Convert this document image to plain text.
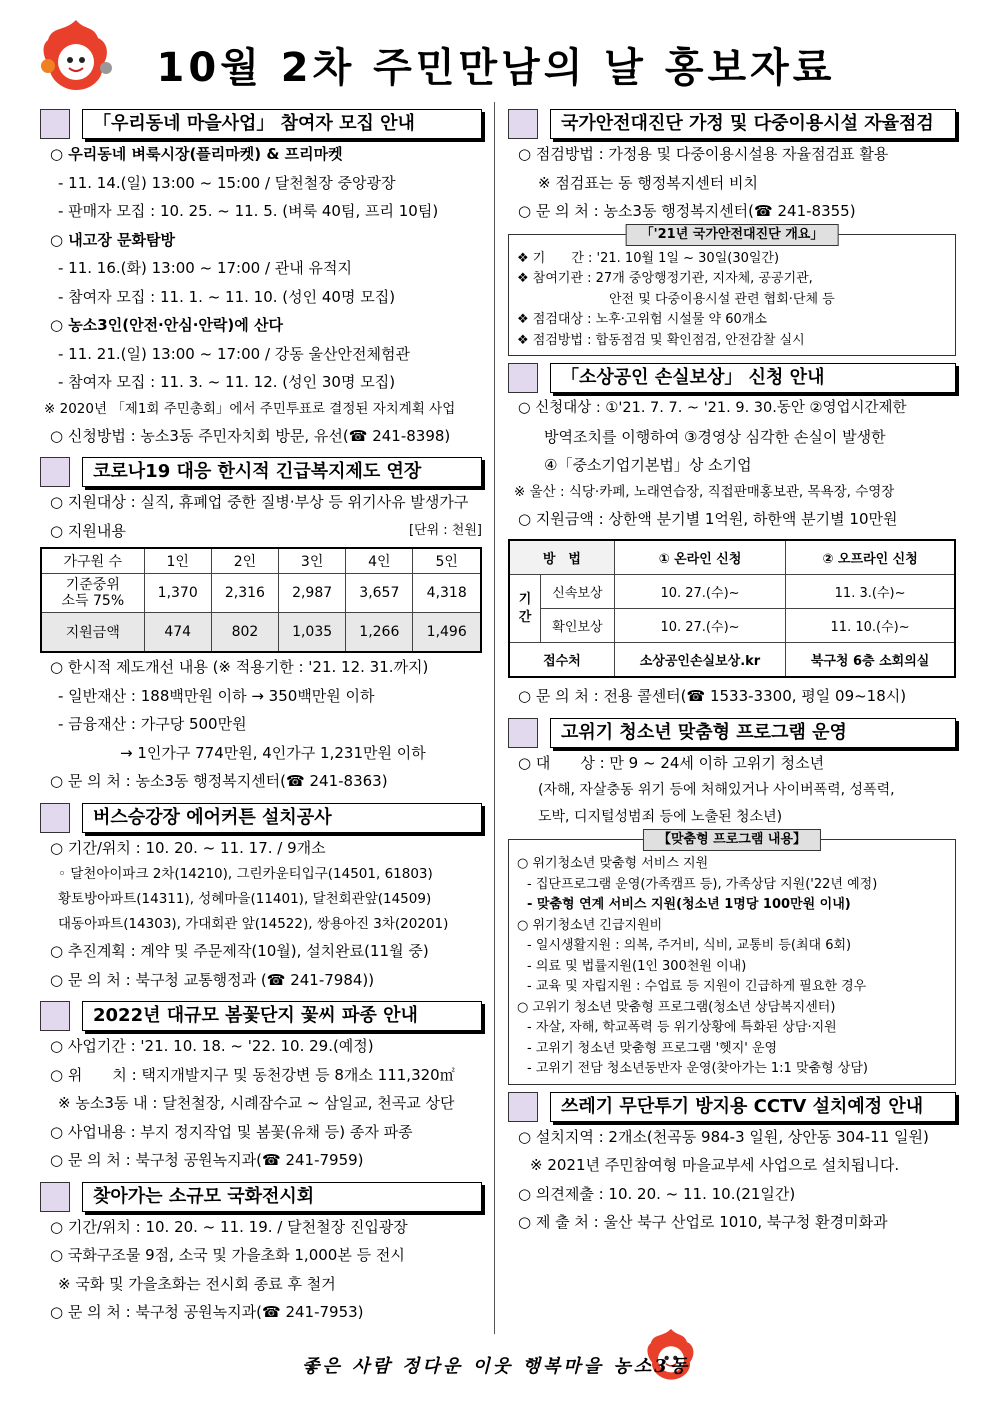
10월 2차 주민만남의 날 홍보자료
「우리동네 마을사업」 참여자 모집 안내
○ 우리동네 벼룩시장(플리마켓) & 프리마켓
- 11. 14.(일) 13:00 ~ 15:00 / 달천철장 중앙광장
- 판매자 모집 : 10. 25. ~ 11. 5. (벼룩 40팀, 프리 10팀)
○ 내고장 문화탐방
- 11. 16.(화) 13:00 ~ 17:00 / 관내 유적지
- 참여자 모집 : 11. 1. ~ 11. 10. (성인 40명 모집)
○ 농소3인(안전·안심·안락)에 산다
- 11. 21.(일) 13:00 ~ 17:00 / 강동 울산안전체험관
- 참여자 모집 : 11. 3. ~ 11. 12. (성인 30명 모집)
※ 2020년 「제1회 주민총회」에서 주민투표로 결정된 자치계획 사업
○ 신청방법 : 농소3동 주민자치회 방문, 유선(☎ 241-8398)
코로나19 대응 한시적 긴급복지제도 연장
○ 지원대상 : 실직, 휴폐업 중한 질병·부상 등 위기사유 발생가구
○ 지원내용	[단위 : 천원]
가구원 수	1인	2인	3인	4인	5인
기준중위
소득 75%	1,370	2,316	2,987	3,657	4,318
지원금액	474	802	1,035	1,266	1,496
○ 한시적 제도개선 내용 (※ 적용기한 : '21. 12. 31.까지)
- 일반재산 : 188백만원 이하 → 350백만원 이하
- 금융재산 : 가구당 500만원
→ 1인가구 774만원, 4인가구 1,231만원 이하
○ 문 의 처 : 농소3동 행정복지센터(☎ 241-8363)
버스승강장 에어커튼 설치공사
○ 기간/위치 : 10. 20. ~ 11. 17. / 9개소
◦ 달천아이파크 2차(14210), 그린카운티입구(14501, 61803)
황토방아파트(14311), 성혜마을(11401), 달천회관앞(14509)
대동아파트(14303), 가대회관 앞(14522), 쌍용아진 3차(20201)
○ 추진계획 : 계약 및 주문제작(10월), 설치완료(11월 중)
○ 문 의 처 : 북구청 교통행정과 (☎ 241-7984))
2022년 대규모 봄꽃단지 꽃씨 파종 안내
○ 사업기간 : '21. 10. 18. ~ '22. 10. 29.(예정)
○ 위　　치 : 택지개발지구 및 동천강변 등 8개소 111,320㎡
※ 농소3동 내 : 달천철장, 시례잠수교 ~ 삼일교, 천곡교 상단
○ 사업내용 : 부지 정지작업 및 봄꽃(유채 등) 종자 파종
○ 문 의 처 : 북구청 공원녹지과(☎ 241-7959)
찾아가는 소규모 국화전시회
○ 기간/위치 : 10. 20. ~ 11. 19. / 달천철장 진입광장
○ 국화구조물 9점, 소국 및 가을초화 1,000본 등 전시
※ 국화 및 가을초화는 전시회 종료 후 철거
○ 문 의 처 : 북구청 공원녹지과(☎ 241-7953)
국가안전대진단 가정 및 다중이용시설 자율점검
○ 점검방법 : 가정용 및 다중이용시설용 자율점검표 활용
※ 점검표는 동 행정복지센터 비치
○ 문 의 처 : 농소3동 행정복지센터(☎ 241-8355)
「'21년 국가안전대진단 개요」
❖ 기　　간 : '21. 10월 1일 ~ 30일(30일간)
❖ 참여기관 : 27개 중앙행정기관, 지자체, 공공기관,
안전 및 다중이용시설 관련 협회·단체 등
❖ 점검대상 : 노후·고위험 시설물 약 60개소
❖ 점검방법 : 합동점검 및 확인점검, 안전감찰 실시
「소상공인 손실보상」 신청 안내
○ 신청대상 : ①'21. 7. 7. ~ '21. 9. 30.동안 ②영업시간제한
방역조치를 이행하여 ③경영상 심각한 손실이 발생한
④「중소기업기본법」상 소기업
※ 울산 : 식당·카페, 노래연습장, 직접판매홍보관, 목욕장, 수영장
○ 지원금액 : 상한액 분기별 1억원, 하한액 분기별 10만원
방　법		① 온라인 신청	② 오프라인 신청
기
간	신속보상	10. 27.(수)~	11. 3.(수)~
	확인보상	10. 27.(수)~	11. 10.(수)~
접수처		소상공인손실보상.kr	북구청 6층 소회의실
○ 문 의 처 : 전용 콜센터(☎ 1533-3300, 평일 09~18시)
고위기 청소년 맞춤형 프로그램 운영
○ 대　　상 : 만 9 ~ 24세 이하 고위기 청소년
(자해, 자살충동 위기 등에 처해있거나 사이버폭력, 성폭력,
도박, 디지털성범죄 등에 노출된 청소년)
【맞춤형 프로그램 내용】
○ 위기청소년 맞춤형 서비스 지원
- 집단프로그램 운영(가족캠프 등), 가족상담 지원('22년 예정)
- 맞춤형 연계 서비스 지원(청소년 1명당 100만원 이내)
○ 위기청소년 긴급지원비
- 일시생활지원 : 의복, 주거비, 식비, 교통비 등(최대 6회)
- 의료 및 법률지원(1인 300천원 이내)
- 교육 및 자립지원 : 수업료 등 지원이 긴급하게 필요한 경우
○ 고위기 청소년 맞춤형 프로그램(청소년 상담복지센터)
- 자살, 자해, 학교폭력 등 위기상황에 특화된 상담·지원
- 고위기 청소년 맞춤형 프로그램 '헷지' 운영
- 고위기 전담 청소년동반자 운영(찾아가는 1:1 맞춤형 상담)
쓰레기 무단투기 방지용 CCTV 설치예정 안내
○ 설치지역 : 2개소(천곡동 984-3 일원, 상안동 304-11 일원)
※ 2021년 주민참여형 마을교부세 사업으로 설치됩니다.
○ 의견제출 : 10. 20. ~ 11. 10.(21일간)
○ 제 출 처 : 울산 북구 산업로 1010, 북구청 환경미화과
좋은 사람 정다운 이웃 행복마을 농소3동
